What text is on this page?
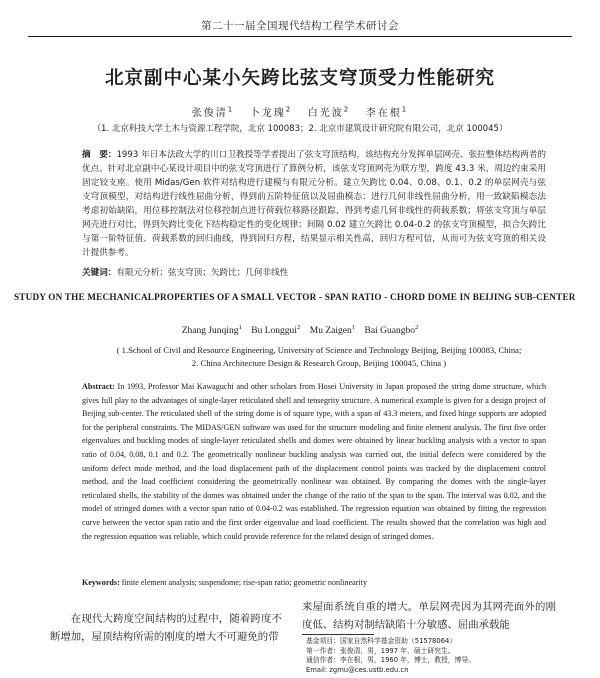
第二十一届全国现代结构工程学术研讨会
北京副中心某小矢跨比弦支穹顶受力性能研究
张俊清$^1$ 卜龙瑰$^2$ 白光波$^2$ 李在根$^1$
（1. 北京科技大学土木与资源工程学院，北京 100083；2. 北京市建筑设计研究院有限公司，北京 100045）
摘　要：1993 年日本法政大学的川口卫教授等学者提出了弦支穹顶结构，该结构充分发挥单层网壳、张拉整体结构两者的优点。针对北京副中心某设计项目中的弦支穹顶进行了算例分析，该弦支穹顶网壳为联方型，跨度 43.3 米，周边约束采用固定铰支座。使用 Midas/Gen 软件对结构进行建模与有限元分析。建立矢跨比 0.04、0.08、0.1、0.2 的单层网壳与弦支穹顶模型，对结构进行线性屈曲分析，得到前五阶特征值以及屈曲模态；进行几何非线性屈曲分析，用一致缺陷模态法考虑初始缺陷，用位移控制法对位移控制点进行荷载位移路径跟踪，得到考虑几何非线性的荷载系数；将弦支穹顶与单层网壳进行对比，得到矢跨比变化下结构稳定性的变化规律；间隔 0.02 建立矢跨比 0.04-0.2 的弦支穹顶模型，拟合矢跨比与第一阶特征值、荷载系数的回归曲线，得到回归方程，结果显示相关性高，回归方程可信，从而可为弦支穹顶的相关设计提供参考。
关键词：有限元分析；弦支穹顶；矢跨比；几何非线性
STUDY ON THE MECHANICALPROPERTIES OF A SMALL VECTOR - SPAN RATIO - CHORD DOME IN BEIJING SUB-CENTER
Zhang Junqing$^1$ Bu Longgui$^2$ Mu Zaigen$^1$ Bai Guangbo$^2$
( 1.School of Civil and Resource Engineering, University of Science and Technology Beijing, Beijing 100083, China;
2. China Architecture Design & Research Group, Beijing 100045, China )
Abstract: In 1993, Professor Mai Kawaguchi and other scholars from Hosei University in Japan proposed the string dome structure, which gives full play to the advantages of single-layer reticulated shell and tensegrity structure. A numerical example is given for a design project of Beijing sub-center. The reticulated shell of the string dome is of square type, with a span of 43.3 meters, and fixed hinge supports are adopted for the peripheral constraints. The MIDAS/GEN software was used for the structure modeling and finite element analysis. The first five order eigenvalues and buckling modes of single-layer reticulated shells and domes were obtained by linear buckling analysis with a vector to span ratio of 0.04, 0.08, 0.1 and 0.2. The geometrically nonlinear buckling analysis was carried out, the initial defects were considered by the uniform defect mode method, and the load displacement path of the displacement control points was tracked by the displacement control method, and the load coefficient considering the geometrically nonlinear was obtained. By comparing the domes with the single-layer reticulated shells, the stability of the domes was obtained under the change of the ratio of the span to the span. The interval was 0.02, and the model of stringed domes with a vector span ratio of 0.04-0.2 was established. The regression equation was obtained by fitting the regression curve between the vector span ratio and the first order eigenvalue and load coefficient. The results showed that the correlation was high and the regression equation was reliable, which could provide reference for the related design of stringed domes.
Keywords: finite element analysis; suspendome; rise-span ratio; geometric nonlinearity
在现代大跨度空间结构的过程中，随着跨度不断增加，屋顶结构所需的刚度的增大不可避免的带
来屋面系统自重的增大。单层网壳因为其网壳面外的刚度低、结构对制结缺陷十分敏感、屈曲承载能
基金项目：国家自然科学基金资助（51578064）
第一作者：张俊清，男，1997 年，硕士研究生。
通信作者：李在根，男，1960 年，博士，教授，博导。
Email: zgmu@ces.ustb.edu.cn
